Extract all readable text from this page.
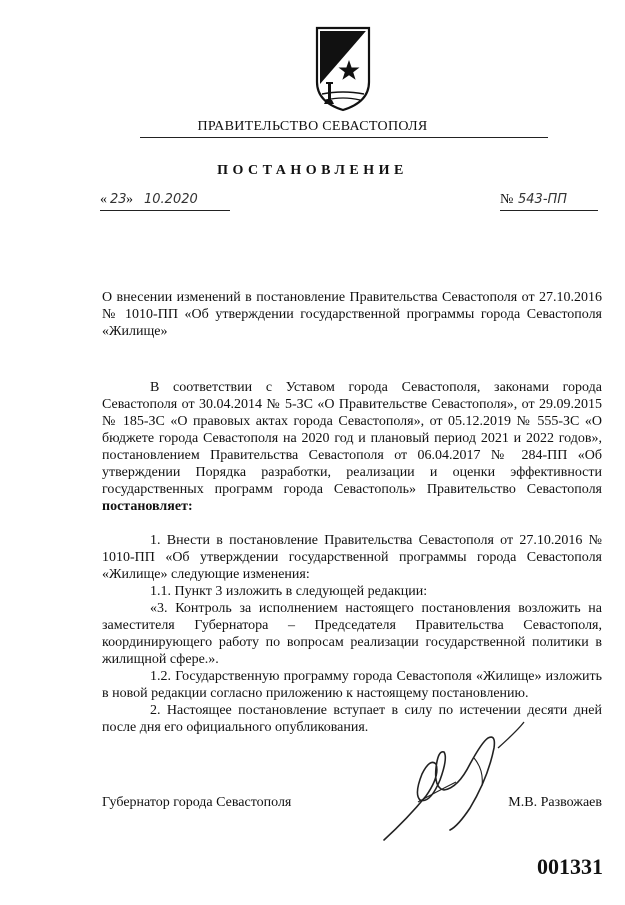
ПРАВИТЕЛЬСТВО СЕВАСТОПОЛЯ
ПОСТАНОВЛЕНИЕ
« 23 » 10.2020	№ 543-ПП
О внесении изменений в постановление Правительства Севастополя от 27.10.2016 № 1010-ПП «Об утверждении государственной программы города Севастополя «Жилище»

В соответствии с Уставом города Севастополя, законами города Севастополя от 30.04.2014 № 5-ЗС «О Правительстве Севастополя», от 29.09.2015 № 185-ЗС «О правовых актах города Севастополя», от 05.12.2019 № 555-ЗС «О бюджете города Севастополя на 2020 год и плановый период 2021 и 2022 годов», постановлением Правительства Севастополя от 06.04.2017 № 284-ПП «Об утверждении Порядка разработки, реализации и оценки эффективности государственных программ города Севастополь» Правительство Севастополя постановляет:

1. Внести в постановление Правительства Севастополя от 27.10.2016 № 1010-ПП «Об утверждении государственной программы города Севастополя «Жилище» следующие изменения:

1.1. Пункт 3 изложить в следующей редакции:

«3. Контроль за исполнением настоящего постановления возложить на заместителя Губернатора – Председателя Правительства Севастополя, координирующего работу по вопросам реализации государственной политики в жилищной сфере.».

1.2. Государственную программу города Севастополя «Жилище» изложить в новой редакции согласно приложению к настоящему постановлению.

2. Настоящее постановление вступает в силу по истечении десяти дней после дня его официального опубликования.

Губернатор города Севастополя	М.В. Развожаев
001331
